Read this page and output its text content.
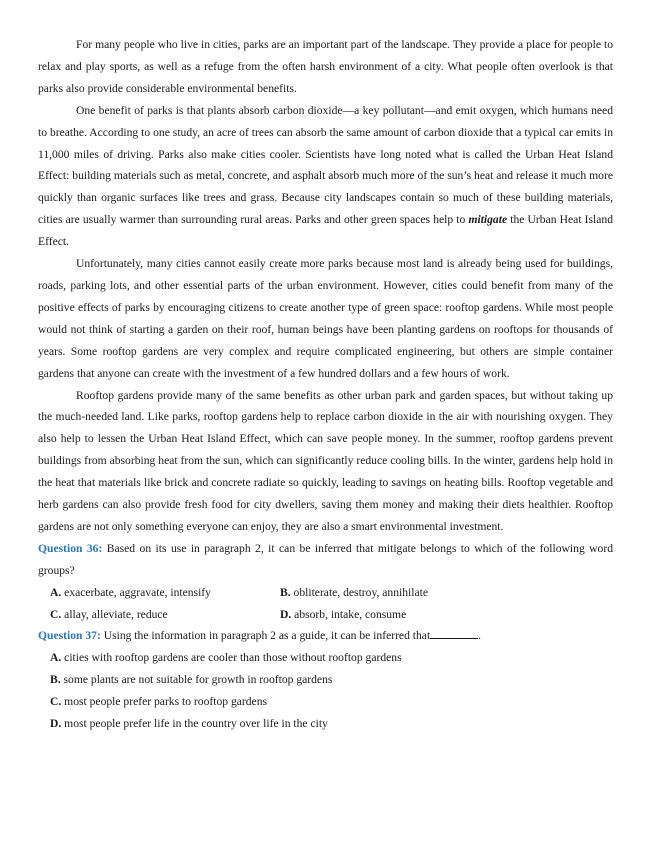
For many people who live in cities, parks are an important part of the landscape. They provide a place for people to relax and play sports, as well as a refuge from the often harsh environment of a city. What people often overlook is that parks also provide considerable environmental benefits.

One benefit of parks is that plants absorb carbon dioxide—a key pollutant—and emit oxygen, which humans need to breathe. According to one study, an acre of trees can absorb the same amount of carbon dioxide that a typical car emits in 11,000 miles of driving. Parks also make cities cooler. Scientists have long noted what is called the Urban Heat Island Effect: building materials such as metal, concrete, and asphalt absorb much more of the sun’s heat and release it much more quickly than organic surfaces like trees and grass. Because city landscapes contain so much of these building materials, cities are usually warmer than surrounding rural areas. Parks and other green spaces help to mitigate the Urban Heat Island Effect.

Unfortunately, many cities cannot easily create more parks because most land is already being used for buildings, roads, parking lots, and other essential parts of the urban environment. However, cities could benefit from many of the positive effects of parks by encouraging citizens to create another type of green space: rooftop gardens. While most people would not think of starting a garden on their roof, human beings have been planting gardens on rooftops for thousands of years. Some rooftop gardens are very complex and require complicated engineering, but others are simple container gardens that anyone can create with the investment of a few hundred dollars and a few hours of work.

Rooftop gardens provide many of the same benefits as other urban park and garden spaces, but without taking up the much-needed land. Like parks, rooftop gardens help to replace carbon dioxide in the air with nourishing oxygen. They also help to lessen the Urban Heat Island Effect, which can save people money. In the summer, rooftop gardens prevent buildings from absorbing heat from the sun, which can significantly reduce cooling bills. In the winter, gardens help hold in the heat that materials like brick and concrete radiate so quickly, leading to savings on heating bills. Rooftop vegetable and herb gardens can also provide fresh food for city dwellers, saving them money and making their diets healthier. Rooftop gardens are not only something everyone can enjoy, they are also a smart environmental investment.

Question 36: Based on its use in paragraph 2, it can be inferred that mitigate belongs to which of the following word groups?

A. exacerbate, aggravate, intensify	B. obliterate, destroy, annihilate
C. allay, alleviate, reduce	D. absorb, intake, consume

Question 37: Using the information in paragraph 2 as a guide, it can be inferred that	.

A. cities with rooftop gardens are cooler than those without rooftop gardens
B. some plants are not suitable for growth in rooftop gardens
C. most people prefer parks to rooftop gardens
D. most people prefer life in the country over life in the city
